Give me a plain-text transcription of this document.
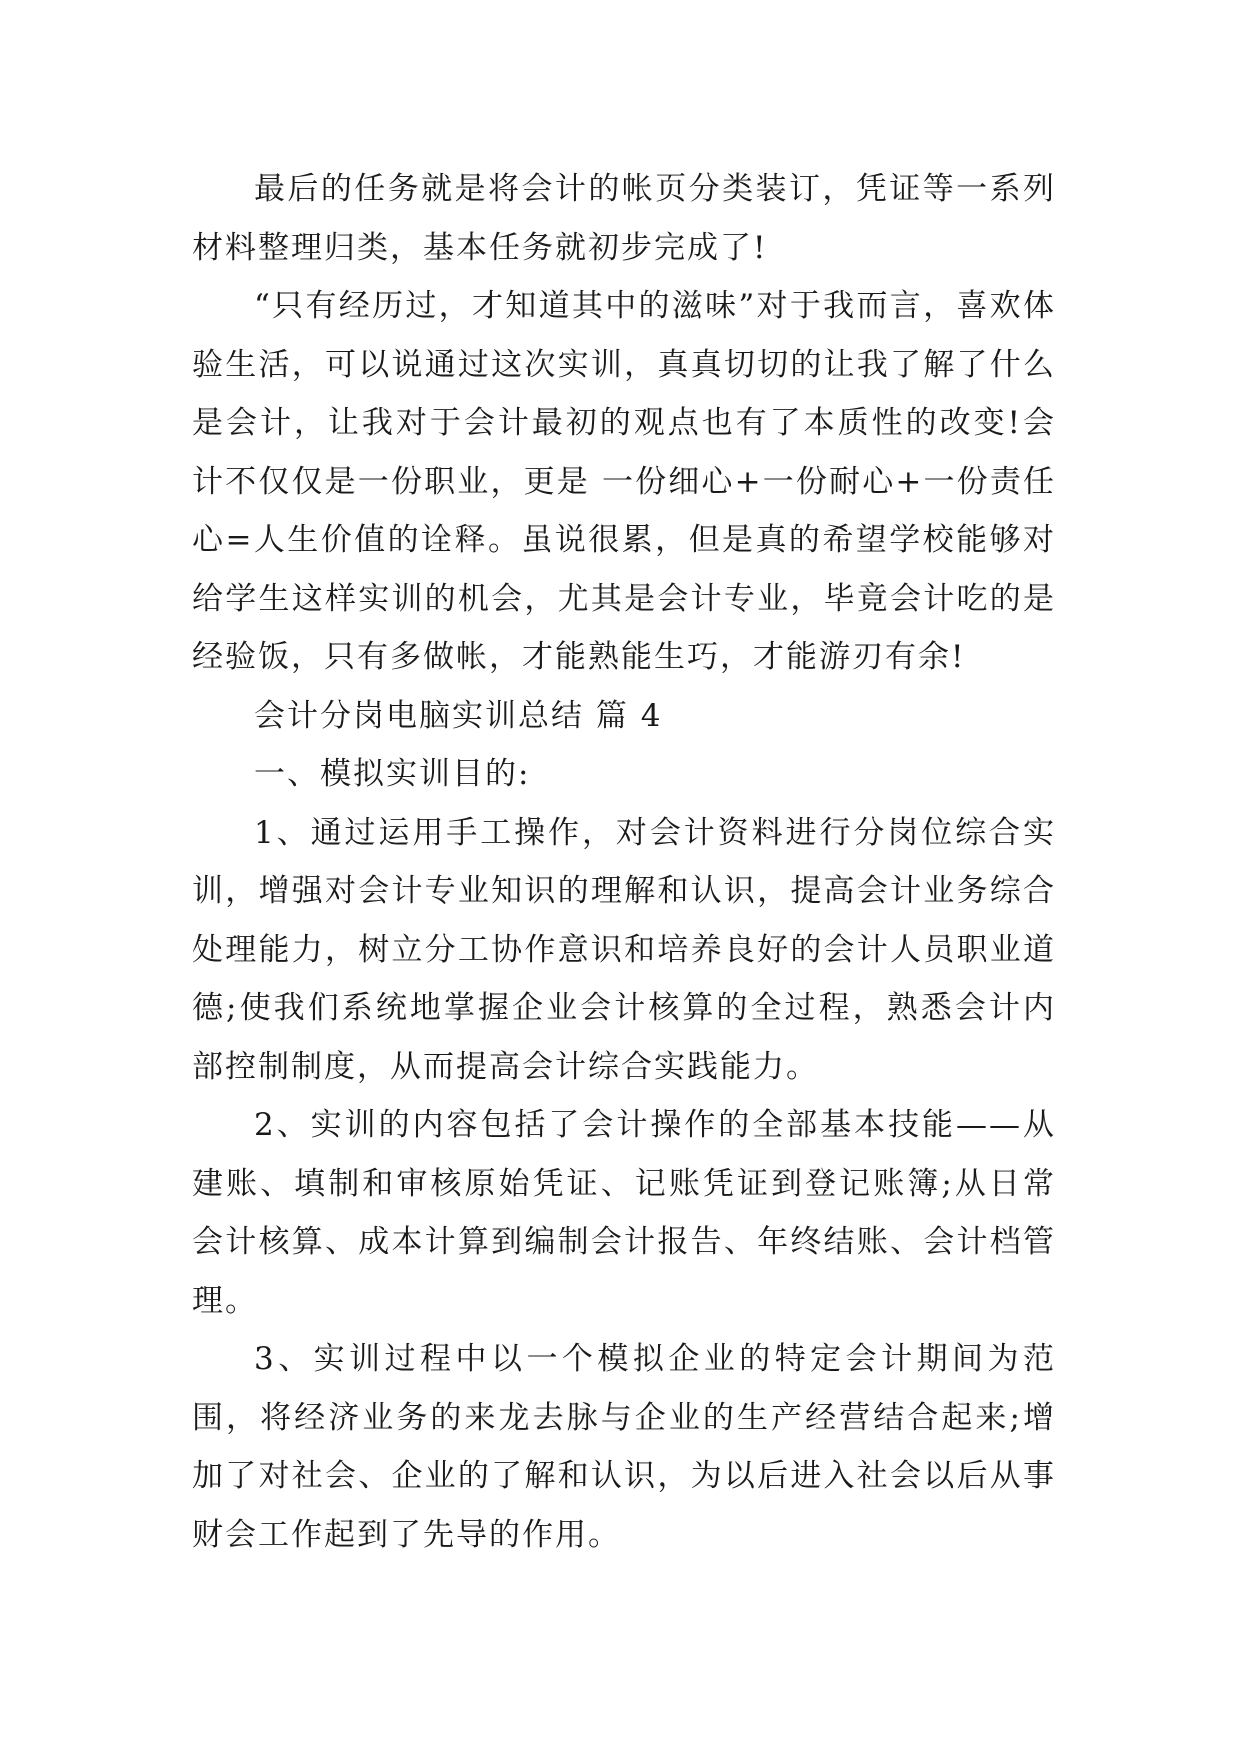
最后的任务就是将会计的帐页分类装订，凭证等一系列材料整理归类，基本任务就初步完成了!

“只有经历过，才知道其中的滋味”对于我而言，喜欢体验生活，可以说通过这次实训，真真切切的让我了解了什么是会计，让我对于会计最初的观点也有了本质性的改变!会计不仅仅是一份职业，更是 一份细心+一份耐心+一份责任心=人生价值的诠释。虽说很累，但是真的希望学校能够对给学生这样实训的机会，尤其是会计专业，毕竟会计吃的是经验饭，只有多做帐，才能熟能生巧，才能游刃有余!

会计分岗电脑实训总结 篇 4

一、模拟实训目的:

1、通过运用手工操作，对会计资料进行分岗位综合实训，增强对会计专业知识的理解和认识，提高会计业务综合处理能力，树立分工协作意识和培养良好的会计人员职业道德;使我们系统地掌握企业会计核算的全过程，熟悉会计内部控制制度，从而提高会计综合实践能力。

2、实训的内容包括了会计操作的全部基本技能——从建账、填制和审核原始凭证、记账凭证到登记账簿;从日常会计核算、成本计算到编制会计报告、年终结账、会计档管理。

3、实训过程中以一个模拟企业的特定会计期间为范围，将经济业务的来龙去脉与企业的生产经营结合起来;增加了对社会、企业的了解和认识，为以后进入社会以后从事财会工作起到了先导的作用。
